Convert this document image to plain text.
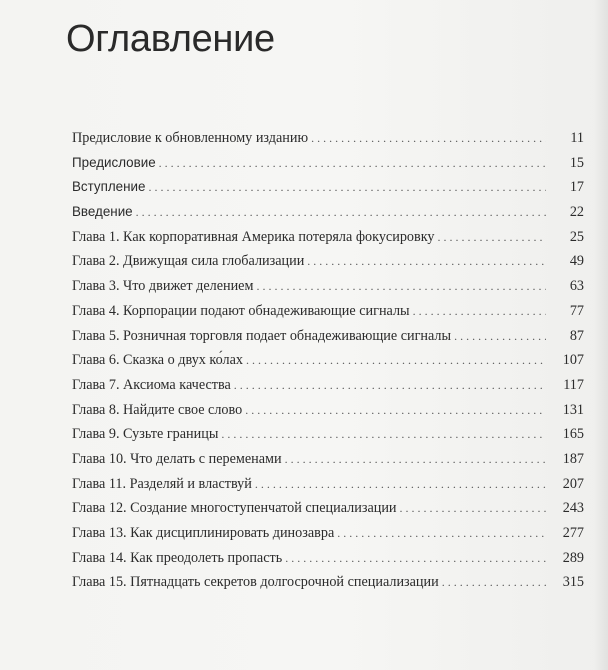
Оглавление
Предисловие к обновленному изданию . . .	11
Предисловие . . .	15
Вступление . . .	17
Введение . . .	22
Глава 1. Как корпоративная Америка потеряла фокусировку . . .	25
Глава 2. Движущая сила глобализации . . .	49
Глава 3. Что движет делением . . .	63
Глава 4. Корпорации подают обнадеживающие сигналы . . .	77
Глава 5. Розничная торговля подает обнадеживающие сигналы . . .	87
Глава 6. Сказка о двух ко́лах . . .	107
Глава 7. Аксиома качества . . .	117
Глава 8. Найдите свое слово . . .	131
Глава 9. Сузьте границы . . .	165
Глава 10. Что делать с переменами . . .	187
Глава 11. Разделяй и властвуй . . .	207
Глава 12. Создание многоступенчатой специализации . . .	243
Глава 13. Как дисциплинировать динозавра . . .	277
Глава 14. Как преодолеть пропасть . . .	289
Глава 15. Пятнадцать секретов долгосрочной специализации . . .	315
